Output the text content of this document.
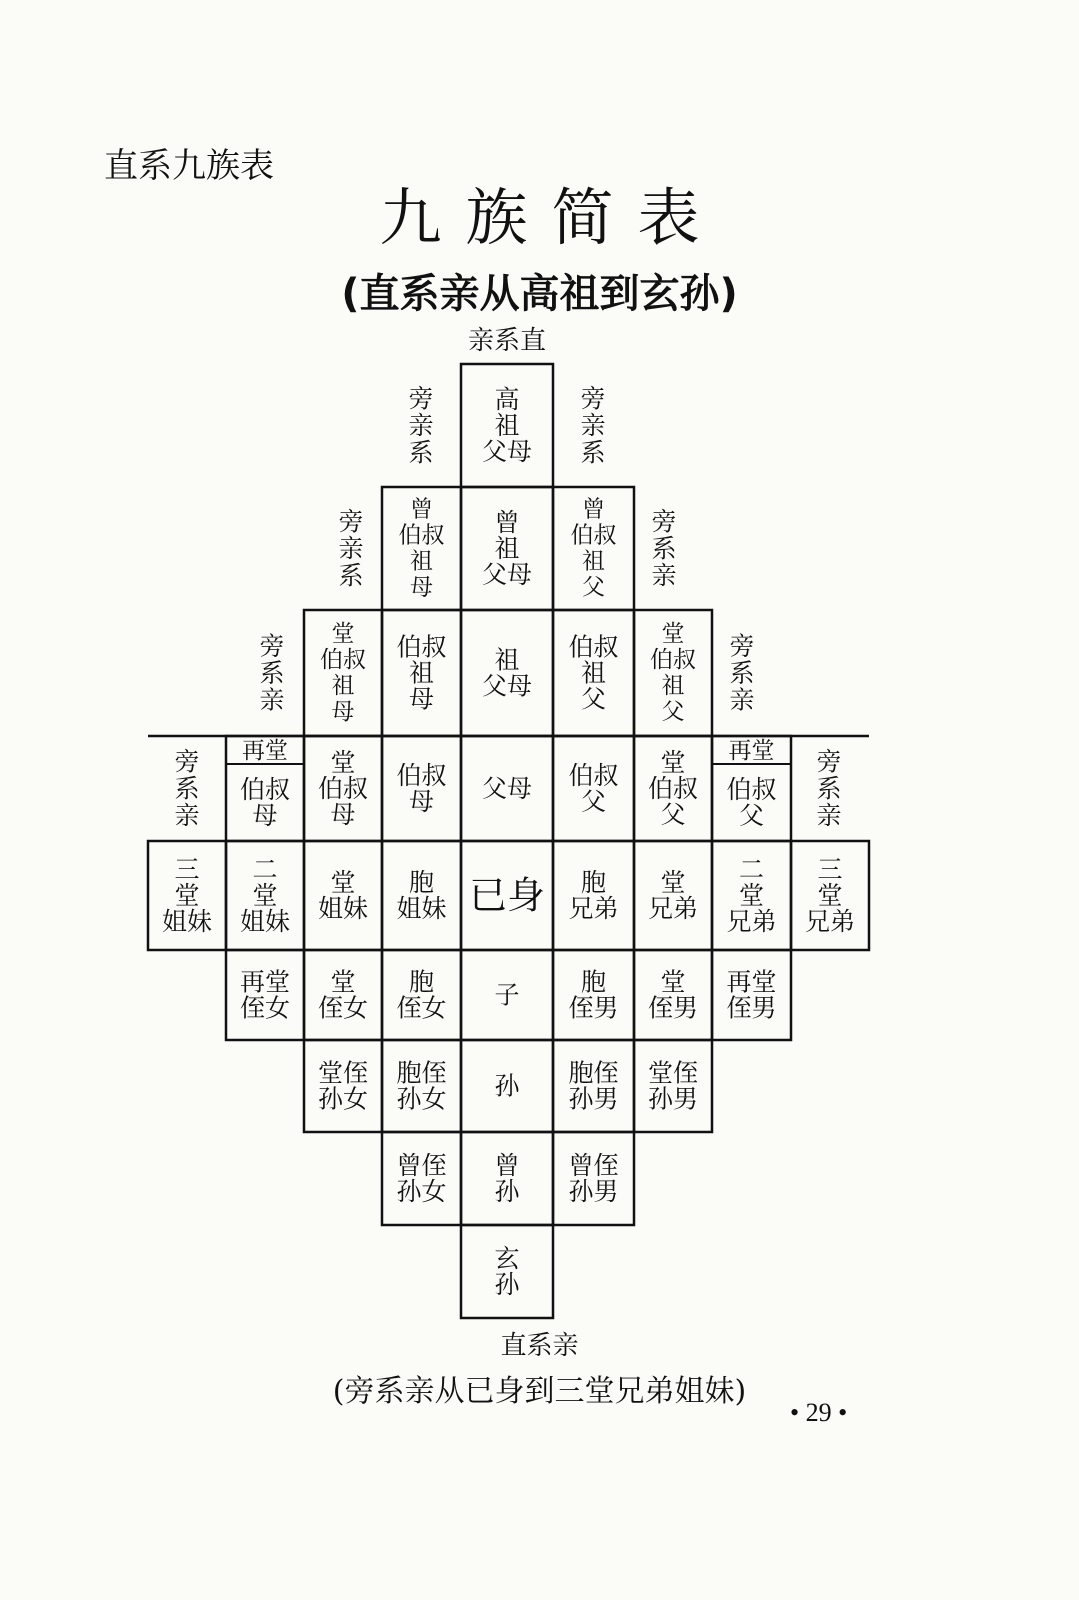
直系九族表
九族简表
(直系亲从高祖到玄孙)
亲系直
高
祖
父母
曾
伯叔
祖
母
曾
祖
父母
曾
伯叔
祖
父
堂
伯叔
祖
母
伯叔
祖
母
祖
父母
伯叔
祖
父
堂
伯叔
祖
父
再堂
伯叔
母
堂
伯叔
母
伯叔
母 父母 伯叔
父
堂
伯叔
父
再堂
伯叔
父
三
堂
姐妹
二
堂
姐妹
堂
姐妹
胞
姐妹 已身 胞
兄弟
堂
兄弟
二
堂
兄弟
三
堂
兄弟
再堂
侄女
堂
侄女
胞
侄女 子 胞
侄男
堂
侄男
再堂
侄男
堂侄
孙女
胞侄
孙女 孙 胞侄
孙男
堂侄
孙男
曾侄
孙女
曾
孙
曾侄
孙男
玄
孙
旁
亲
系
旁
亲
系
旁
亲
系
旁
系
亲
旁
系
亲
旁
系
亲
旁
系
亲
旁
系
亲
直系亲
(旁系亲从已身到三堂兄弟姐妹)
• 29 •
